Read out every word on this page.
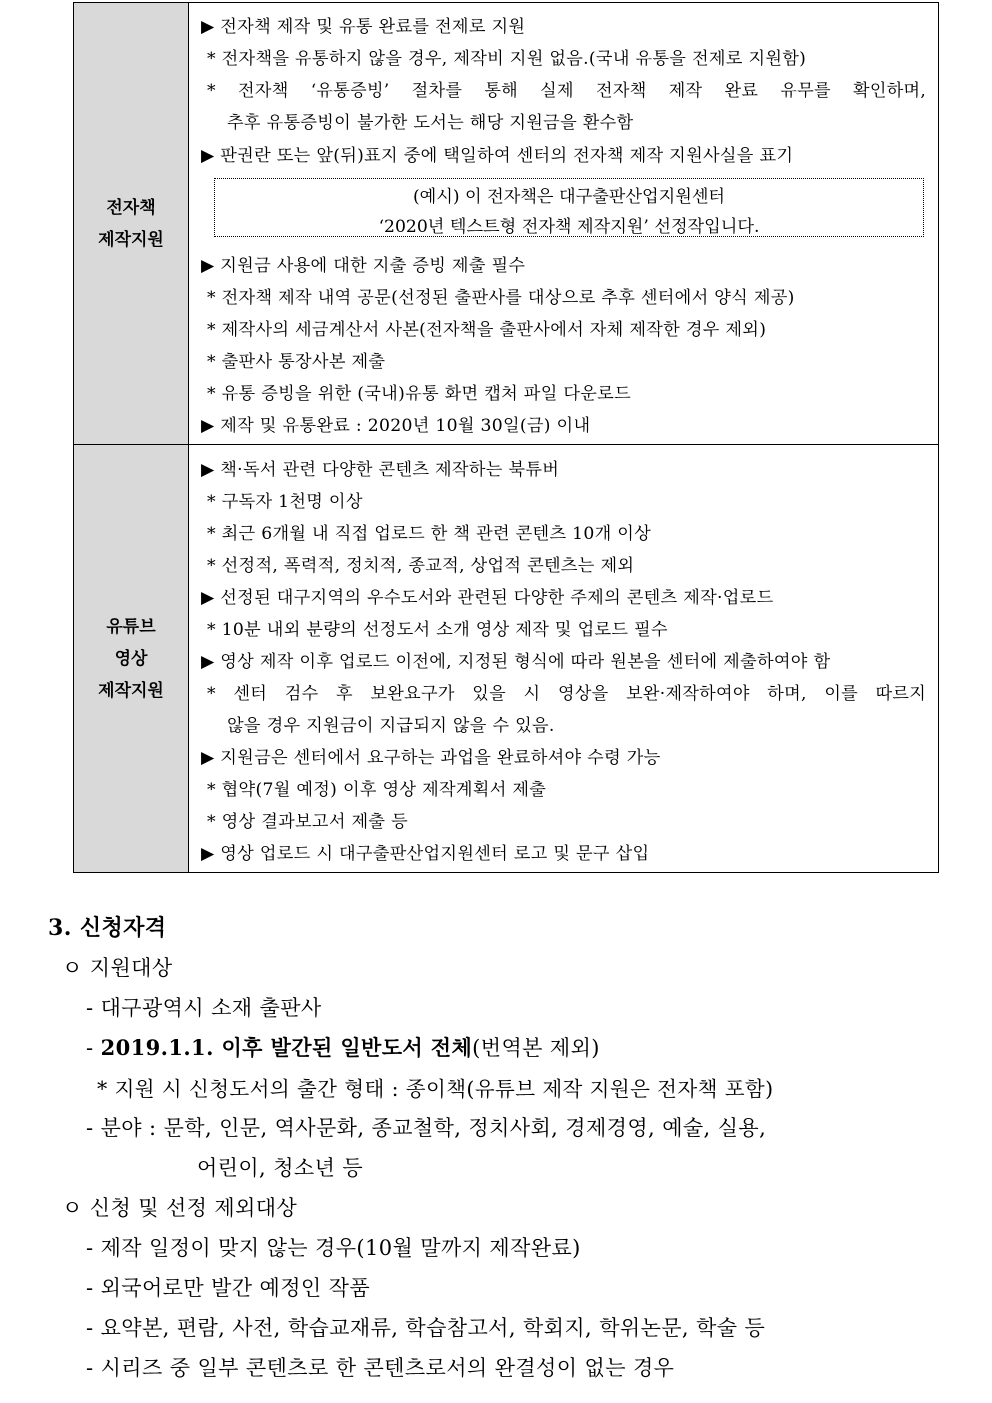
전자책
제작지원
▶ 전자책 제작 및 유통 완료를 전제로 지원
* 전자책을 유통하지 않을 경우, 제작비 지원 없음.(국내 유통을 전제로 지원함)
* 전자책 ‘유통증빙’ 절차를 통해 실제 전자책 제작 완료 유무를 확인하며,
추후 유통증빙이 불가한 도서는 해당 지원금을 환수함
▶ 판권란 또는 앞(뒤)표지 중에 택일하여 센터의 전자책 제작 지원사실을 표기
(예시) 이 전자책은 대구출판산업지원센터
‘2020년 텍스트형 전자책 제작지원’ 선정작입니다.
▶ 지원금 사용에 대한 지출 증빙 제출 필수
* 전자책 제작 내역 공문(선정된 출판사를 대상으로 추후 센터에서 양식 제공)
* 제작사의 세금계산서 사본(전자책을 출판사에서 자체 제작한 경우 제외)
* 출판사 통장사본 제출
* 유통 증빙을 위한 (국내)유통 화면 캡처 파일 다운로드
▶ 제작 및 유통완료 : 2020년 10월 30일(금) 이내
유튜브
영상
제작지원
▶ 책·독서 관련 다양한 콘텐츠 제작하는 북튜버
* 구독자 1천명 이상
* 최근 6개월 내 직접 업로드 한 책 관련 콘텐츠 10개 이상
* 선정적, 폭력적, 정치적, 종교적, 상업적 콘텐츠는 제외
▶ 선정된 대구지역의 우수도서와 관련된 다양한 주제의 콘텐츠 제작·업로드
* 10분 내외 분량의 선정도서 소개 영상 제작 및 업로드 필수
▶ 영상 제작 이후 업로드 이전에, 지정된 형식에 따라 원본을 센터에 제출하여야 함
* 센터 검수 후 보완요구가 있을 시 영상을 보완·제작하여야 하며, 이를 따르지
않을 경우 지원금이 지급되지 않을 수 있음.
▶ 지원금은 센터에서 요구하는 과업을 완료하셔야 수령 가능
* 협약(7월 예정) 이후 영상 제작계획서 제출
* 영상 결과보고서 제출 등
▶ 영상 업로드 시 대구출판산업지원센터 로고 및 문구 삽입
3. 신청자격
ㅇ 지원대상
- 대구광역시 소재 출판사
- 2019.1.1. 이후 발간된 일반도서 전체(번역본 제외)
* 지원 시 신청도서의 출간 형태 : 종이책(유튜브 제작 지원은 전자책 포함)
- 분야 : 문학, 인문, 역사문화, 종교철학, 정치사회, 경제경영, 예술, 실용,
어린이, 청소년 등
ㅇ 신청 및 선정 제외대상
- 제작 일정이 맞지 않는 경우(10월 말까지 제작완료)
- 외국어로만 발간 예정인 작품
- 요약본, 편람, 사전, 학습교재류, 학습참고서, 학회지, 학위논문, 학술 등
- 시리즈 중 일부 콘텐츠로 한 콘텐츠로서의 완결성이 없는 경우
